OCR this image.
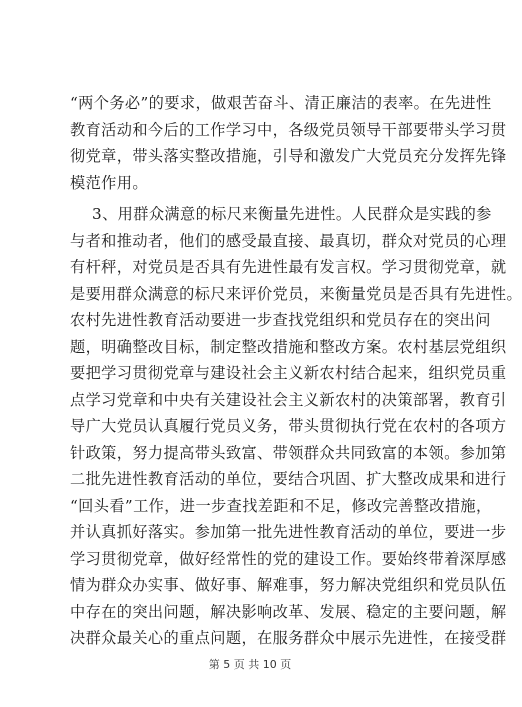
“两个务必”的要求，做艰苦奋斗、清正廉洁的表率。在先进性
教育活动和今后的工作学习中，各级党员领导干部要带头学习贯
彻党章，带头落实整改措施，引导和激发广大党员充分发挥先锋
模范作用。
3、用群众满意的标尺来衡量先进性。人民群众是实践的参
与者和推动者，他们的感受最直接、最真切，群众对党员的心理
有杆秤，对党员是否具有先进性最有发言权。学习贯彻党章，就
是要用群众满意的标尺来评价党员，来衡量党员是否具有先进性。
农村先进性教育活动要进一步查找党组织和党员存在的突出问
题，明确整改目标，制定整改措施和整改方案。农村基层党组织
要把学习贯彻党章与建设社会主义新农村结合起来，组织党员重
点学习党章和中央有关建设社会主义新农村的决策部署，教育引
导广大党员认真履行党员义务，带头贯彻执行党在农村的各项方
针政策，努力提高带头致富、带领群众共同致富的本领。参加第
二批先进性教育活动的单位，要结合巩固、扩大整改成果和进行
“回头看”工作，进一步查找差距和不足，修改完善整改措施，
并认真抓好落实。参加第一批先进性教育活动的单位，要进一步
学习贯彻党章，做好经常性的党的建设工作。要始终带着深厚感
情为群众办实事、做好事、解难事，努力解决党组织和党员队伍
中存在的突出问题，解决影响改革、发展、稳定的主要问题，解
决群众最关心的重点问题，在服务群众中展示先进性，在接受群
第 5 页 共 10 页
